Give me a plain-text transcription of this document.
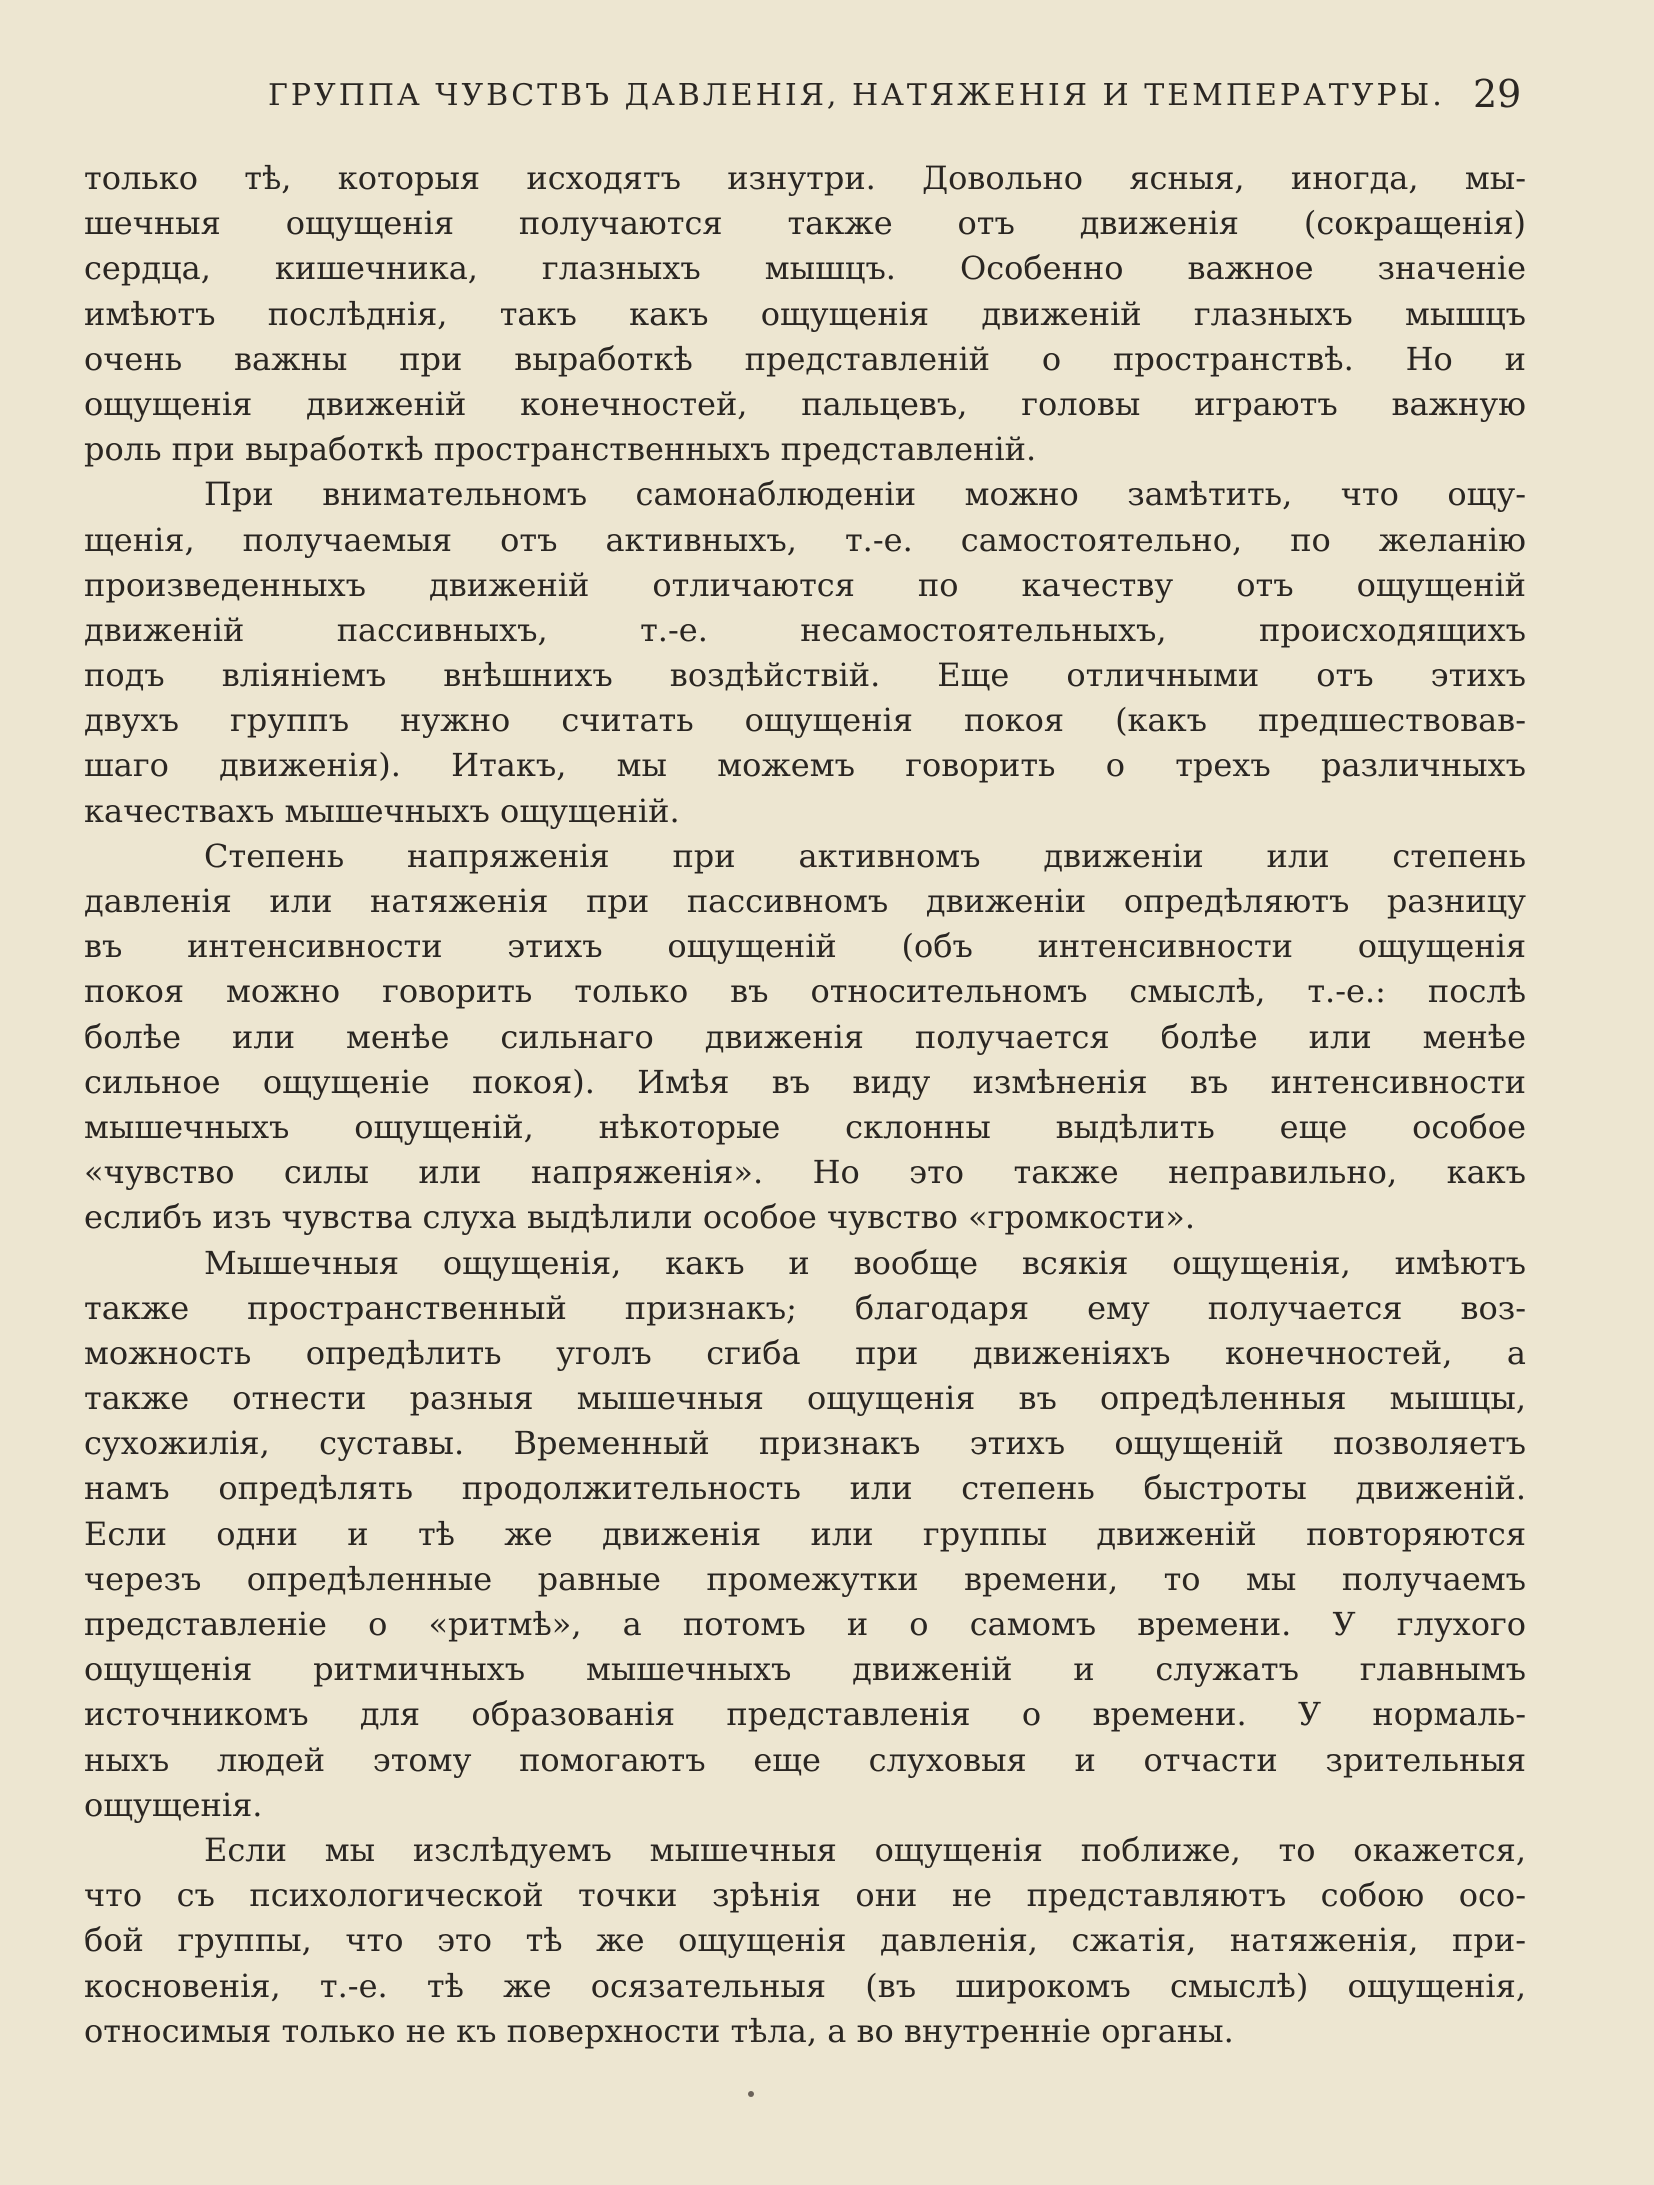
ГРУППА ЧУВСТВЪ ДАВЛЕНІЯ, НАТЯЖЕНІЯ И ТЕМПЕРАТУРЫ. 29
только тѣ, которыя исходятъ изнутри. Довольно ясныя, иногда, мы-
шечныя ощущенія получаются также отъ движенія (сокращенія)
сердца, кишечника, глазныхъ мышцъ. Особенно важное значеніе
имѣютъ послѣднія, такъ какъ ощущенія движеній глазныхъ мышцъ
очень важны при выработкѣ представленій о пространствѣ. Но и
ощущенія движеній конечностей, пальцевъ, головы играютъ важную
роль при выработкѣ пространственныхъ представленій.
При внимательномъ самонаблюденіи можно замѣтить, что ощу-
щенія, получаемыя отъ активныхъ, т.-е. самостоятельно, по желанію
произведенныхъ движеній отличаются по качеству отъ ощущеній
движеній пассивныхъ, т.-е. несамостоятельныхъ, происходящихъ
подъ вліяніемъ внѣшнихъ воздѣйствій. Еще отличными отъ этихъ
двухъ группъ нужно считать ощущенія покоя (какъ предшествовав-
шаго движенія). Итакъ, мы можемъ говорить о трехъ различныхъ
качествахъ мышечныхъ ощущеній.
Степень напряженія при активномъ движеніи или степень
давленія или натяженія при пассивномъ движеніи опредѣляютъ разницу
въ интенсивности этихъ ощущеній (объ интенсивности ощущенія
покоя можно говорить только въ относительномъ смыслѣ, т.-е.: послѣ
болѣе или менѣе сильнаго движенія получается болѣе или менѣе
сильное ощущеніе покоя). Имѣя въ виду измѣненія въ интенсивности
мышечныхъ ощущеній, нѣкоторые склонны выдѣлить еще особое
«чувство силы или напряженія». Но это также неправильно, какъ
еслибъ изъ чувства слуха выдѣлили особое чувство «громкости».
Мышечныя ощущенія, какъ и вообще всякія ощущенія, имѣютъ
также пространственный признакъ; благодаря ему получается воз-
можность опредѣлить уголъ сгиба при движеніяхъ конечностей, а
также отнести разныя мышечныя ощущенія въ опредѣленныя мышцы,
сухожилія, суставы. Временный признакъ этихъ ощущеній позволяетъ
намъ опредѣлять продолжительность или степень быстроты движеній.
Если одни и тѣ же движенія или группы движеній повторяются
черезъ опредѣленные равные промежутки времени, то мы получаемъ
представленіе о «ритмѣ», а потомъ и о самомъ времени. У глухого
ощущенія ритмичныхъ мышечныхъ движеній и служатъ главнымъ
источникомъ для образованія представленія о времени. У нормаль-
ныхъ людей этому помогаютъ еще слуховыя и отчасти зрительныя
ощущенія.
Если мы изслѣдуемъ мышечныя ощущенія поближе, то окажется,
что съ психологической точки зрѣнія они не представляютъ собою осо-
бой группы, что это тѣ же ощущенія давленія, сжатія, натяженія, при-
косновенія, т.-е. тѣ же осязательныя (въ широкомъ смыслѣ) ощущенія,
относимыя только не къ поверхности тѣла, а во внутренніе органы.
